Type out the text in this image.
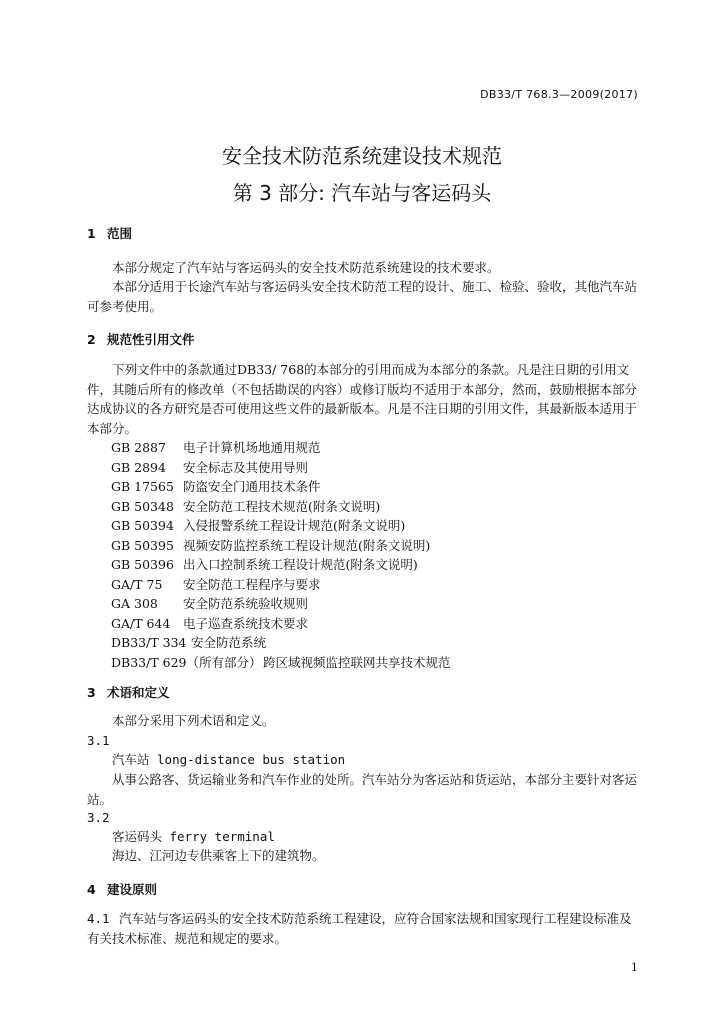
DB33/T 768.3—2009(2017)
安全技术防范系统建设技术规范
第 3 部分: 汽车站与客运码头
1 范围
本部分规定了汽车站与客运码头的安全技术防范系统建设的技术要求。
本部分适用于长途汽车站与客运码头安全技术防范工程的设计、施工、检验、验收，其他汽车站可参考使用。
2 规范性引用文件
下列文件中的条款通过DB33/ 768的本部分的引用而成为本部分的条款。凡是注日期的引用文件，其随后所有的修改单（不包括勘误的内容）或修订版均不适用于本部分，然而，鼓励根据本部分达成协议的各方研究是否可使用这些文件的最新版本。凡是不注日期的引用文件，其最新版本适用于本部分。
GB 2887 电子计算机场地通用规范
GB 2894 安全标志及其使用导则
GB 17565 防盗安全门通用技术条件
GB 50348 安全防范工程技术规范(附条文说明)
GB 50394 入侵报警系统工程设计规范(附条文说明)
GB 50395 视频安防监控系统工程设计规范(附条文说明)
GB 50396 出入口控制系统工程设计规范(附条文说明)
GA/T 75 安全防范工程程序与要求
GA 308 安全防范系统验收规则
GA/T 644 电子巡查系统技术要求
DB33/T 334 安全防范系统
DB33/T 629（所有部分） 跨区域视频监控联网共享技术规范
3 术语和定义
本部分采用下列术语和定义。
3.1
汽车站 long-distance bus station
从事公路客、货运输业务和汽车作业的处所。汽车站分为客运站和货运站，本部分主要针对客运站。
3.2
客运码头 ferry terminal
海边、江河边专供乘客上下的建筑物。
4 建设原则
4.1 汽车站与客运码头的安全技术防范系统工程建设，应符合国家法规和国家现行工程建设标准及有关技术标准、规范和规定的要求。
1
